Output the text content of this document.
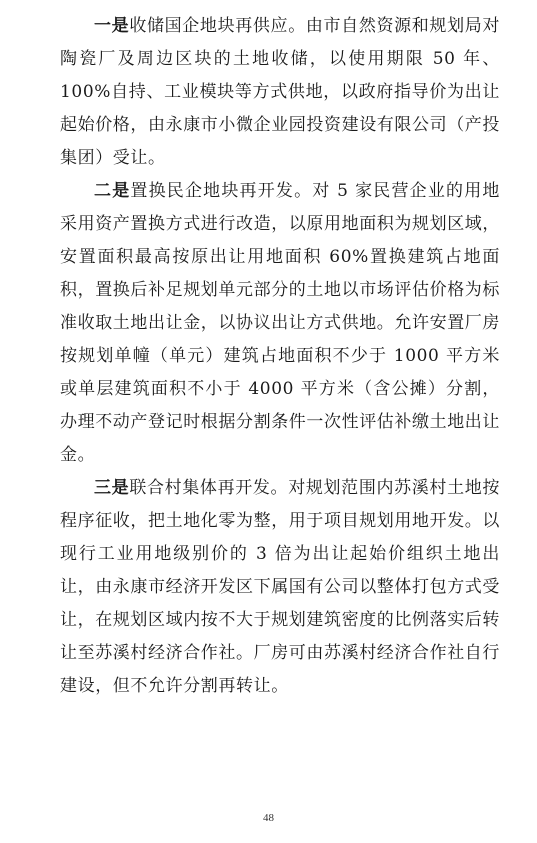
一是收储国企地块再供应。由市自然资源和规划局对陶瓷厂及周边区块的土地收储，以使用期限 50 年、100%自持、工业模块等方式供地，以政府指导价为出让起始价格，由永康市小微企业园投资建设有限公司（产投集团）受让。

二是置换民企地块再开发。对 5 家民营企业的用地采用资产置换方式进行改造，以原用地面积为规划区域，安置面积最高按原出让用地面积 60%置换建筑占地面积，置换后补足规划单元部分的土地以市场评估价格为标准收取土地出让金，以协议出让方式供地。允许安置厂房按规划单幢（单元）建筑占地面积不少于 1000 平方米或单层建筑面积不小于 4000 平方米（含公摊）分割，办理不动产登记时根据分割条件一次性评估补缴土地出让金。

三是联合村集体再开发。对规划范围内苏溪村土地按程序征收，把土地化零为整，用于项目规划用地开发。以现行工业用地级别价的 3 倍为出让起始价组织土地出让，由永康市经济开发区下属国有公司以整体打包方式受让，在规划区域内按不大于规划建筑密度的比例落实后转让至苏溪村经济合作社。厂房可由苏溪村经济合作社自行建设，但不允许分割再转让。

48
